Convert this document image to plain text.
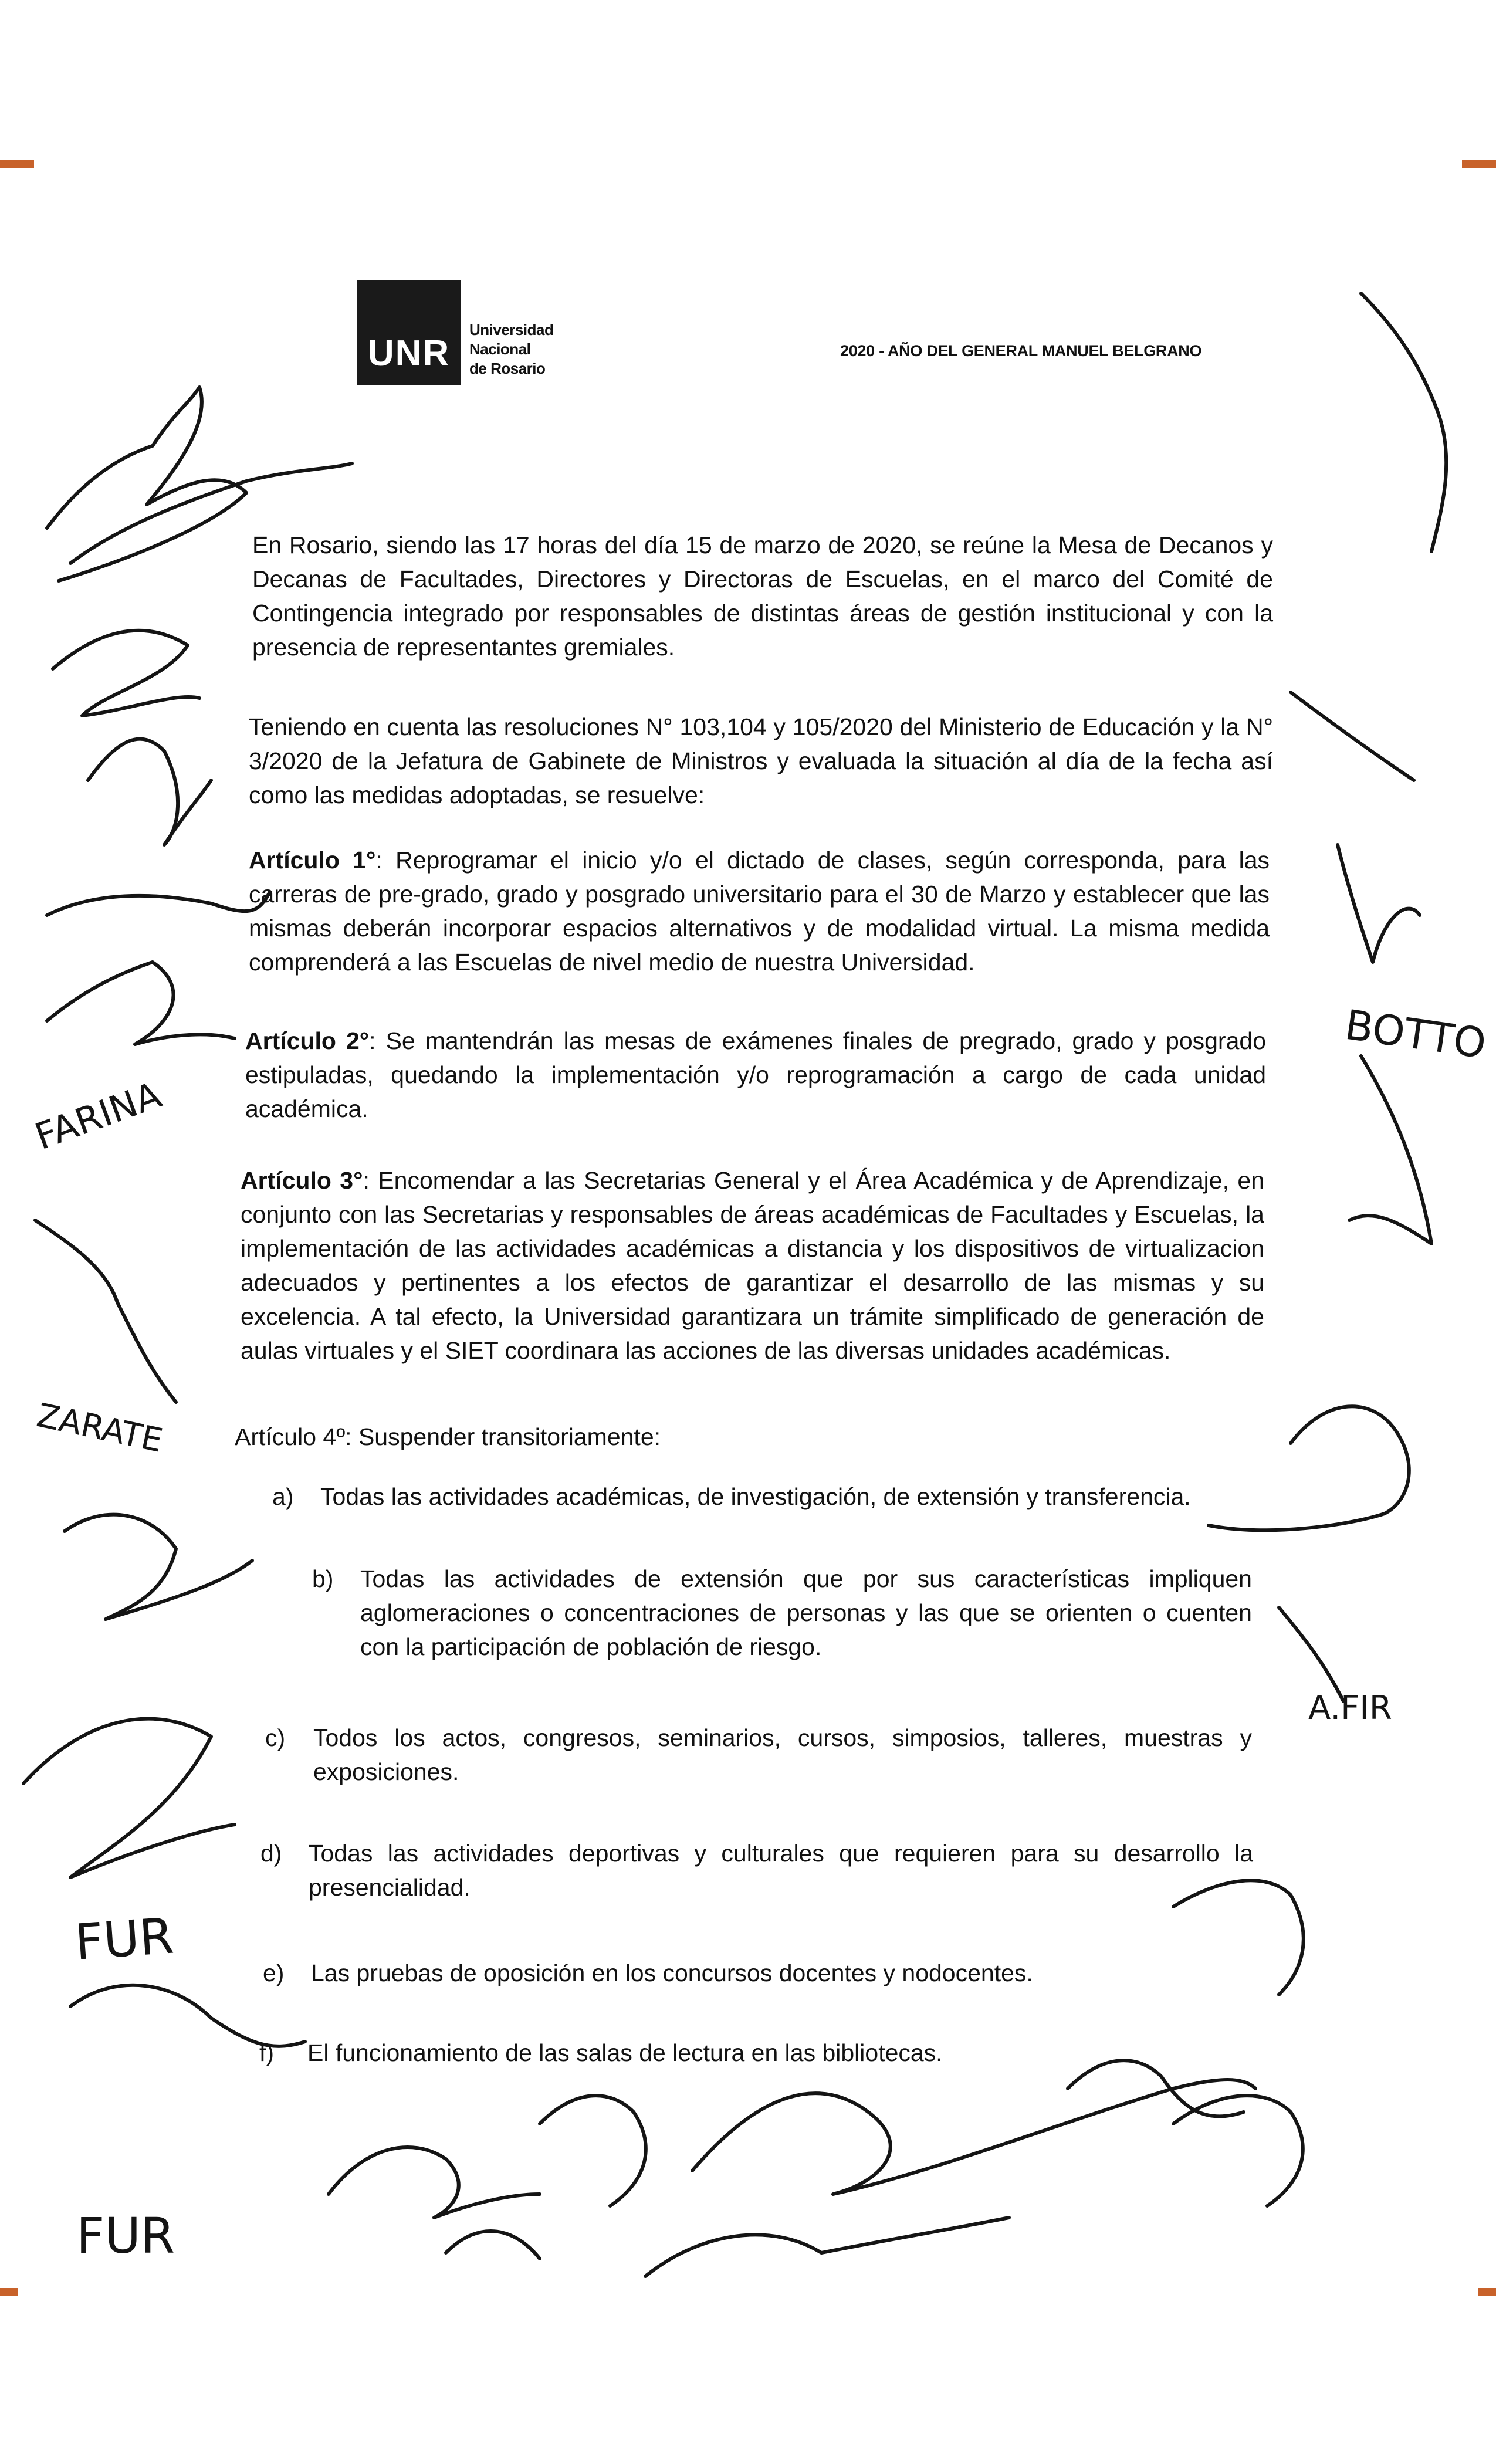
UNR
Universidad
Nacional
de Rosario
2020 - AÑO DEL GENERAL MANUEL BELGRANO
En Rosario, siendo las 17 horas del día 15 de marzo de 2020, se reúne la Mesa de Decanos y Decanas de Facultades, Directores y Directoras de Escuelas, en el marco del Comité de Contingencia integrado por responsables de distintas áreas de gestión institucional y con la presencia de representantes gremiales.
Teniendo en cuenta las resoluciones N° 103,104 y 105/2020 del Ministerio de Educación y la N° 3/2020 de la Jefatura de Gabinete de Ministros y evaluada la situación al día de la fecha así como las medidas adoptadas, se resuelve:
Artículo 1°: Reprogramar el inicio y/o el dictado de clases, según corresponda, para las carreras de pre-grado, grado y posgrado universitario para el 30 de Marzo y establecer que las mismas deberán incorporar espacios alternativos y de modalidad virtual. La misma medida comprenderá a las Escuelas de nivel medio de nuestra Universidad.
Artículo 2°: Se mantendrán las mesas de exámenes finales de pregrado, grado y posgrado estipuladas, quedando la implementación y/o reprogramación a cargo de cada unidad académica.
Artículo 3°: Encomendar a las Secretarias General y el Área Académica y de Aprendizaje, en conjunto con las Secretarias y responsables de áreas académicas de Facultades y Escuelas, la implementación de las actividades académicas a distancia y los dispositivos de virtualizacion adecuados y pertinentes a los efectos de garantizar el desarrollo de las mismas y su excelencia. A tal efecto, la Universidad garantizara un trámite simplificado de generación de aulas virtuales y el SIET coordinara las acciones de las diversas unidades académicas.
Artículo 4º: Suspender transitoriamente:
a) Todas las actividades académicas, de investigación, de extensión y transferencia.
b) Todas las actividades de extensión que por sus características impliquen aglomeraciones o concentraciones de personas y las que se orienten o cuenten con la participación de población de riesgo.
c) Todos los actos, congresos, seminarios, cursos, simposios, talleres, muestras y exposiciones.
d) Todas las actividades deportivas y culturales que requieren para su desarrollo la presencialidad.
e) Las pruebas de oposición en los concursos docentes y nodocentes.
f) El funcionamiento de las salas de lectura en las bibliotecas.
FUR
FUR
BOTTO
FARINA
ZARATE
A.FIR
